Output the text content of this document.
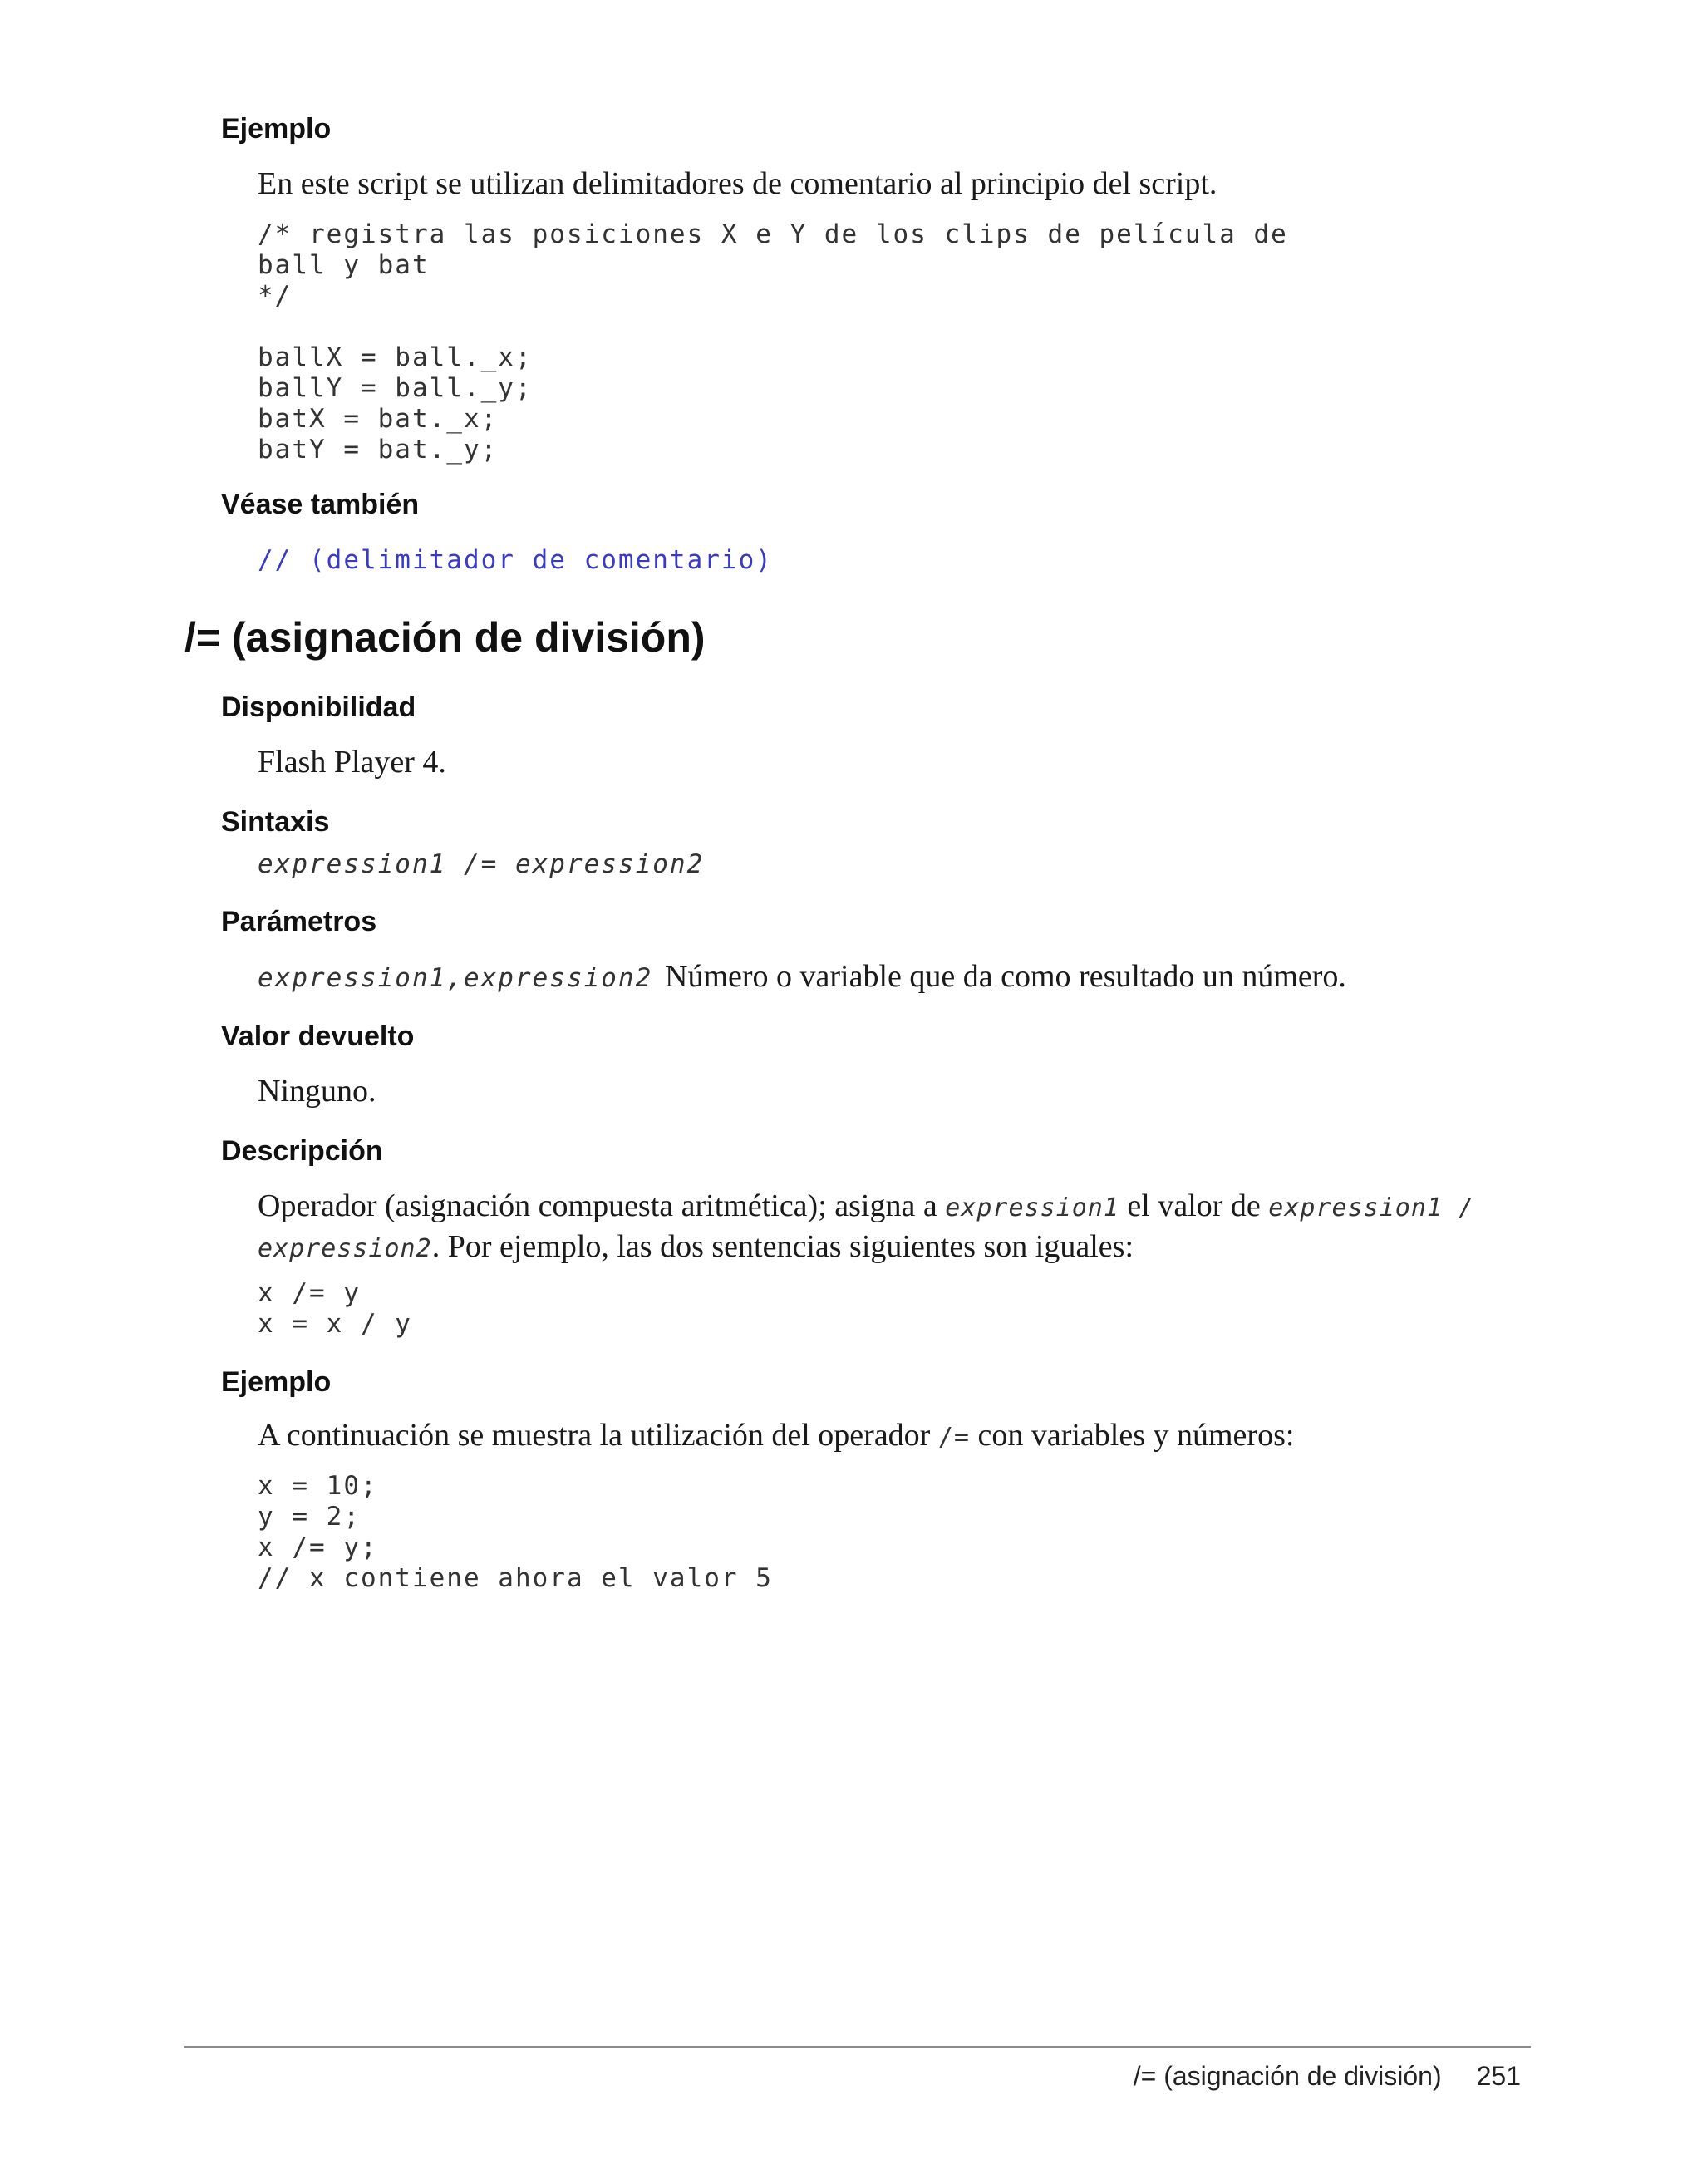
Ejemplo

En este script se utilizan delimitadores de comentario al principio del script.

/* registra las posiciones X e Y de los clips de película de
ball y bat
*/
ballX = ball._x;
ballY = ball._y;
batX = bat._x;
batY = bat._y;

Véase también

// (delimitador de comentario)

/= (asignación de división)

Disponibilidad

Flash Player 4.

Sintaxis

expression1 /= expression2

Parámetros

expression1,expression2 Número o variable que da como resultado un número.

Valor devuelto

Ninguno.

Descripción

Operador (asignación compuesta aritmética); asigna a expression1 el valor de expression1 /
expression2. Por ejemplo, las dos sentencias siguientes son iguales:
x /= y
x = x / y

Ejemplo

A continuación se muestra la utilización del operador /= con variables y números:
x = 10;
y = 2;
x /= y;
// x contiene ahora el valor 5
/= (asignación de división) 251
